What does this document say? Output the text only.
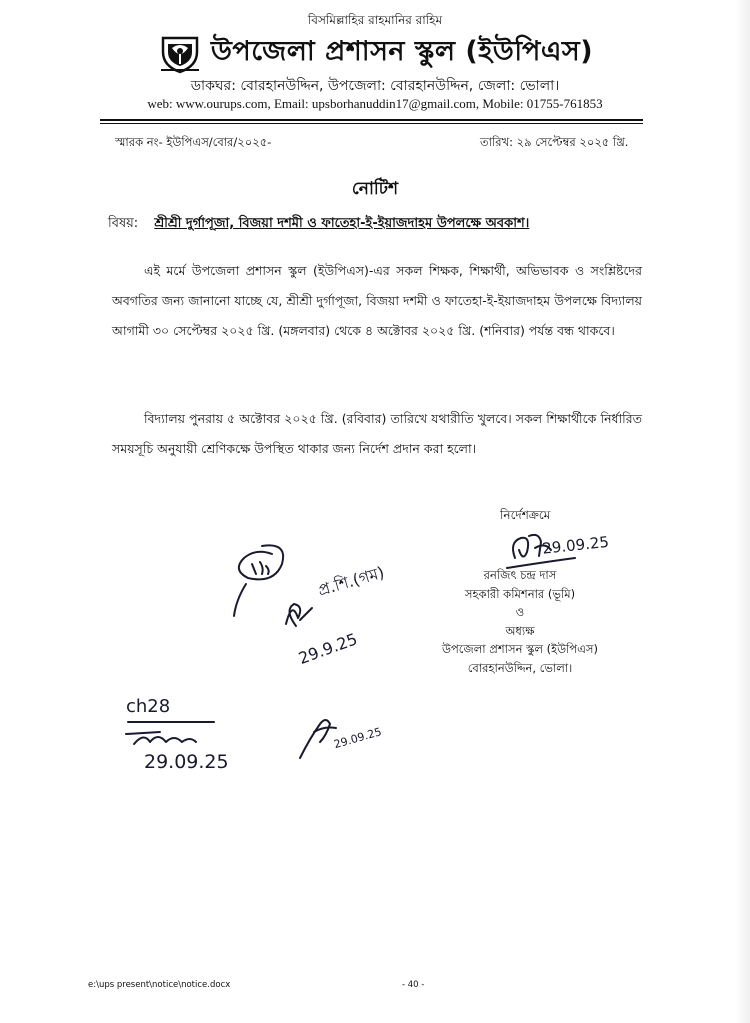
বিসমিল্লাহির রাহমানির রাহিম
উপজেলা প্রশাসন স্কুল (ইউপিএস)
ডাকঘর: বোরহানউদ্দিন, উপজেলা: বোরহানউদ্দিন, জেলা: ভোলা।
web: www.ourups.com, Email: upsborhanuddin17@gmail.com, Mobile: 01755-761853
স্মারক নং- ইউপিএস/বোর/২০২৫-	তারিখ: ২৯ সেপ্টেম্বর ২০২৫ খ্রি.
নোটিশ
বিষয়: শ্রীশ্রী দুর্গাপূজা, বিজয়া দশমী ও ফাতেহা-ই-ইয়াজদাহম উপলক্ষে অবকাশ।

এই মর্মে উপজেলা প্রশাসন স্কুল (ইউপিএস)-এর সকল শিক্ষক, শিক্ষার্থী, অভিভাবক ও সংশ্লিষ্টদের অবগতির জন্য জানানো যাচ্ছে যে, শ্রীশ্রী দুর্গাপূজা, বিজয়া দশমী ও ফাতেহা-ই-ইয়াজদাহম উপলক্ষে বিদ্যালয় আগামী ৩০ সেপ্টেম্বর ২০২৫ খ্রি. (মঙ্গলবার) থেকে ৪ অক্টোবর ২০২৫ খ্রি. (শনিবার) পর্যন্ত বন্ধ থাকবে।

বিদ্যালয় পুনরায় ৫ অক্টোবর ২০২৫ খ্রি. (রবিবার) তারিখে যথারীতি খুলবে। সকল শিক্ষার্থীকে নির্ধারিত সময়সূচি অনুযায়ী শ্রেণিকক্ষে উপস্থিত থাকার জন্য নির্দেশ প্রদান করা হলো।

নির্দেশক্রমে
29.09.25
রনজিৎ চন্দ্র দাস
সহকারী কমিশনার (ভূমি)
ও
অধ্যক্ষ
উপজেলা প্রশাসন স্কুল (ইউপিএস)
বোরহানউদ্দিন, ভোলা।
প্র.শি.(গম)
29.9.25
ch28
29.09.25
29.09.25
e:\ups present\notice\notice.docx	- 40 -
